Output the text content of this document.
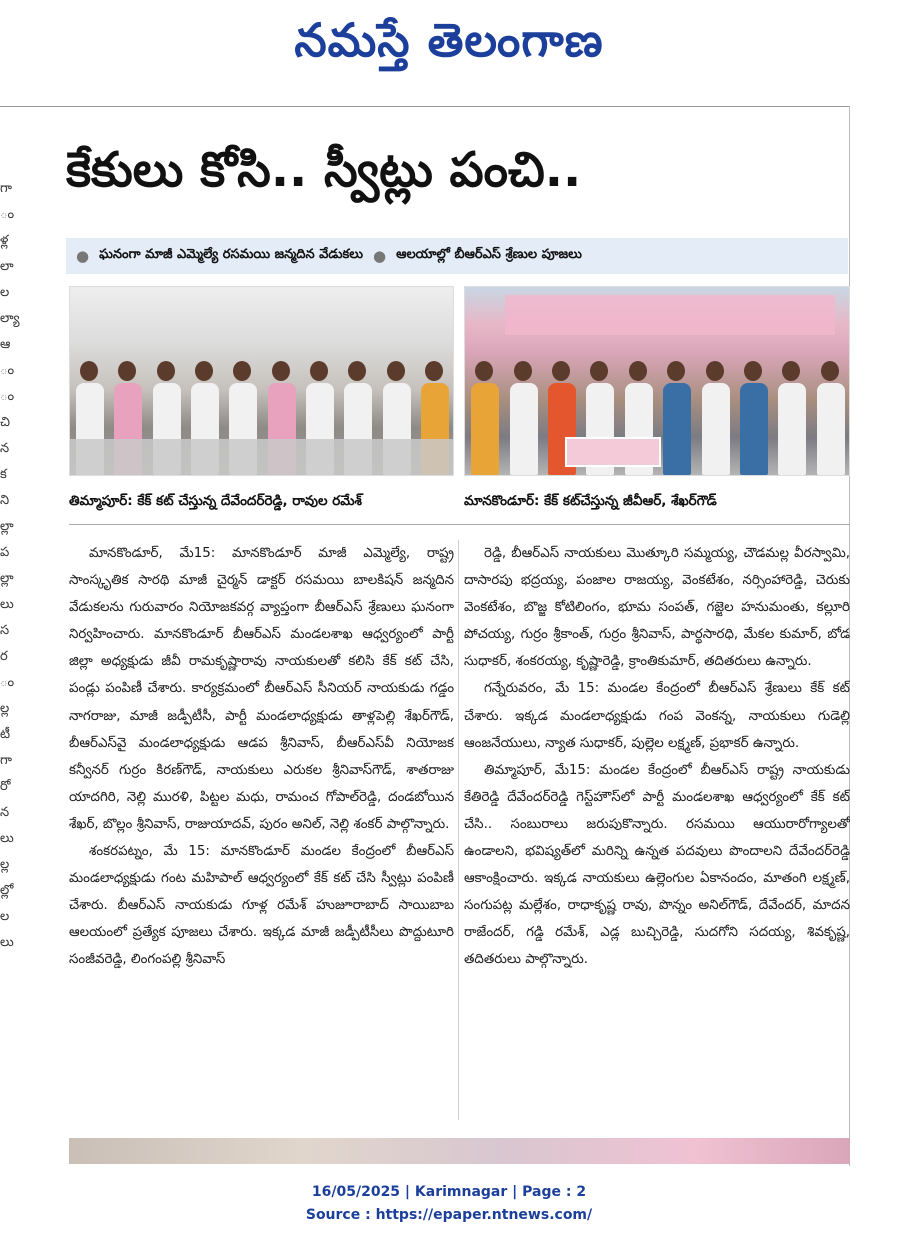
నమస్తే తెలంగాణ
గా
ం
ళ్ల
లా
ల
ల్యా
ఆ
ం
ం
చి
న
క
ని
ల్లా
ప
ల్లా
లు
స
ర
ం
ల్ల
టీ
గా
రో
న
లు
ల్ల
ల్లో
ల
లు
కేకులు కోసి.. స్వీట్లు పంచి..
● ఘనంగా మాజీ ఎమ్మెల్యే రసమయి జన్మదిన వేడుకలు ● ఆలయాల్లో బీఆర్ఎస్ శ్రేణుల పూజలు
తిమ్మాపూర్: కేక్ కట్ చేస్తున్న దేవేందర్‌రెడ్డి, రావుల రమేశ్	మానకొండూర్: కేక్ కట్‌చేస్తున్న జీవీఆర్, శేఖర్‌గౌడ్

మానకొండూర్, మే15: మానకొండూర్ మాజీ ఎమ్మెల్యే, రాష్ట్ర సాంస్కృతిక సారథి మాజీ చైర్మన్ డాక్టర్ రసమయి బాలకిషన్ జన్మదిన వేడుకలను గురువారం నియోజకవర్గ వ్యాప్తంగా బీఆర్ఎస్ శ్రేణులు ఘనంగా నిర్వహించారు. మానకొండూర్ బీఆర్ఎస్ మండలశాఖ ఆధ్వర్యంలో పార్టీ జిల్లా అధ్యక్షుడు జీవీ రామకృష్ణారావు నాయకులతో కలిసి కేక్ కట్ చేసి, పండ్లు పంపిణీ చేశారు. కార్యక్రమంలో బీఆర్ఎస్ సీనియర్ నాయకుడు గడ్డం నాగరాజు, మాజీ జడ్పీటీసీ, పార్టీ మండలాధ్యక్షుడు తాళ్లపెల్లి శేఖర్‌గౌడ్, బీఆర్ఎస్‌వై మండలాధ్యక్షుడు ఆడప శ్రీనివాస్, బీఆర్ఎస్‌వీ నియోజక కన్వీనర్ గుర్రం కిరణ్‌గౌడ్, నాయకులు ఎరుకల శ్రీనివాస్‌గౌడ్, శాతరాజు యాదగిరి, నెల్లి మురళి, పిట్టల మధు, రామంచ గోపాల్‌రెడ్డి, దండబోయిన శేఖర్, బొల్లం శ్రీనివాస్, రాజుయాదవ్, పురం అనిల్, నెల్లి శంకర్ పాల్గొన్నారు.

శంకరపట్నం, మే 15: మానకొండూర్ మండల కేంద్రంలో బీఆర్ఎస్ మండలాధ్యక్షుడు గంట మహిపాల్ ఆధ్వర్యంలో కేక్ కట్ చేసి స్వీట్లు పంపిణీ చేశారు. బీఆర్ఎస్ నాయకుడు గూళ్ల రమేశ్ హుజూరాబాద్ సాయిబాబ ఆలయంలో ప్రత్యేక పూజలు చేశారు. ఇక్కడ మాజీ జడ్పీటీసీలు పొద్దుటూరి సంజీవరెడ్డి, లింగంపల్లి శ్రీనివాస్

రెడ్డి, బీఆర్ఎస్ నాయకులు మొత్కూరి సమ్మయ్య, చౌడమల్ల వీరస్వామి, దాసారపు భద్రయ్య, పంజాల రాజయ్య, వెంకటేశం, నర్సింహారెడ్డి, చెరుకు వెంకటేశం, బొజ్జ కోటిలింగం, భూమ సంపత్, గజ్జెల హనుమంతు, కల్లూరి పోచయ్య, గుర్రం శ్రీకాంత్, గుర్రం శ్రీనివాస్, పార్థసారధి, మేకల కుమార్, బోడ సుధాకర్, శంకరయ్య, కృష్ణారెడ్డి, క్రాంతికుమార్, తదితరులు ఉన్నారు.

గన్నేరువరం, మే 15: మండల కేంద్రంలో బీఆర్ఎస్ శ్రేణులు కేక్ కట్ చేశారు. ఇక్కడ మండలాధ్యక్షుడు గంప వెంకన్న, నాయకులు గుడెల్లి ఆంజనేయులు, న్యాత సుధాకర్, పుల్లెల లక్ష్మణ్, ప్రభాకర్ ఉన్నారు.

తిమ్మాపూర్, మే15: మండల కేంద్రంలో బీఆర్ఎస్ రాష్ట్ర నాయకుడు కేతిరెడ్డి దేవేందర్‌రెడ్డి గెస్ట్‌హౌస్‌లో పార్టీ మండలశాఖ ఆధ్వర్యంలో కేక్ కట్ చేసి.. సంబురాలు జరుపుకొన్నారు. రసమయి ఆయురారోగ్యాలతో ఉండాలని, భవిష్యత్‌లో మరిన్ని ఉన్నత పదవులు పొందాలని దేవేందర్‌రెడ్డి ఆకాంక్షించారు. ఇక్కడ నాయకులు ఉల్లెంగుల ఏకానందం, మాతంగి లక్ష్మణ్, సంగుపట్ల మల్లేశం, రాధాకృష్ణ రావు, పొన్నం అనిల్‌గౌడ్, దేవేందర్, మాదన రాజేందర్, గడ్డి రమేశ్, ఎడ్ల బుచ్చిరెడ్డి, సుదగోని సదయ్య, శివకృష్ణ, తదితరులు పాల్గొన్నారు.

16/05/2025 | Karimnagar | Page : 2
Source : https://epaper.ntnews.com/
